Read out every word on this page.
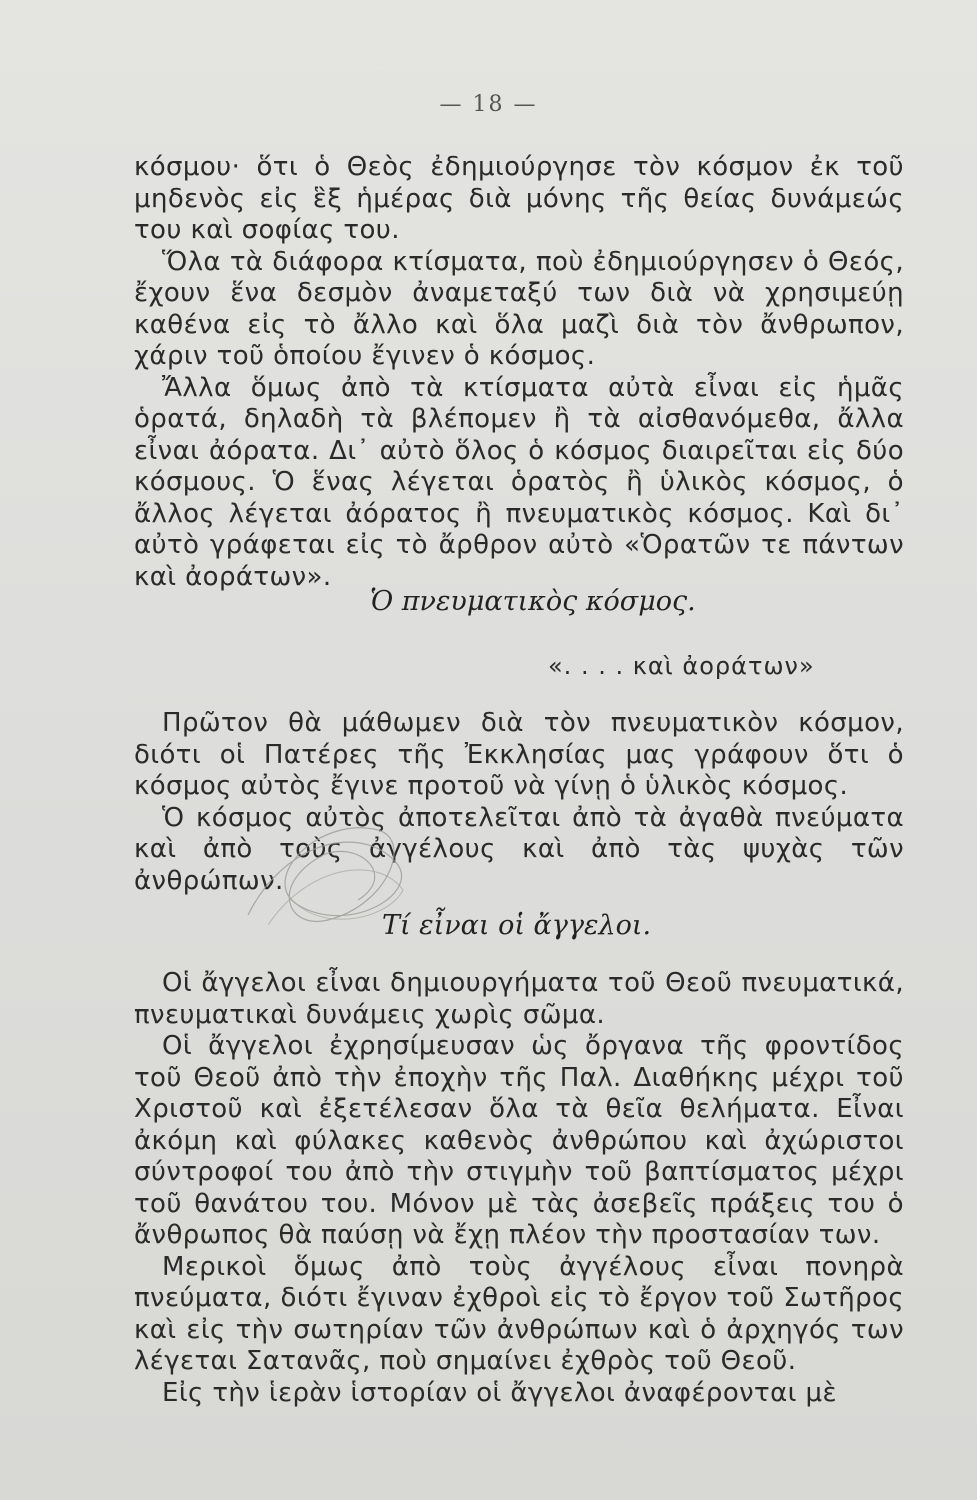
— 18 —

κόσμου· ὅτι ὁ Θεὸς ἐδημιούργησε τὸν κόσμον ἐκ τοῦ μηδενὸς εἰς ἓξ ἡμέρας διὰ μόνης τῆς θείας δυνάμεώς του καὶ σοφίας του.

Ὅλα τὰ διάφορα κτίσματα, ποὺ ἐδημιούργησεν ὁ Θεός, ἔχουν ἕνα δεσμὸν ἀναμεταξύ των διὰ νὰ χρησιμεύῃ καθένα εἰς τὸ ἄλλο καὶ ὅλα μαζὶ διὰ τὸν ἄνθρωπον, χάριν τοῦ ὁποίου ἔγινεν ὁ κόσμος.

Ἄλλα ὅμως ἀπὸ τὰ κτίσματα αὐτὰ εἶναι εἰς ἡμᾶς ὁρατά, δηλαδὴ τὰ βλέπομεν ἢ τὰ αἰσθανόμεθα, ἄλλα εἶναι ἀόρατα. Δι᾽ αὐτὸ ὅλος ὁ κόσμος διαιρεῖται εἰς δύο κόσμους. Ὁ ἕνας λέγεται ὁρατὸς ἢ ὑλικὸς κόσμος, ὁ ἄλλος λέγεται ἀόρατος ἢ πνευματικὸς κόσμος. Καὶ δι᾽ αὐτὸ γράφεται εἰς τὸ ἄρθρον αὐτὸ «Ὁρατῶν τε πάντων καὶ ἀοράτων».

Ὁ πνευματικὸς κόσμος.
«. . . . καὶ ἀοράτων»

Πρῶτον θὰ μάθωμεν διὰ τὸν πνευματικὸν κόσμον, διότι οἱ Πατέρες τῆς Ἐκκλησίας μας γράφουν ὅτι ὁ κόσμος αὐτὸς ἔγινε προτοῦ νὰ γίνῃ ὁ ὑλικὸς κόσμος.

Ὁ κόσμος αὐτὸς ἀποτελεῖται ἀπὸ τὰ ἀγαθὰ πνεύματα καὶ ἀπὸ τοὺς ἀγγέλους καὶ ἀπὸ τὰς ψυχὰς τῶν ἀνθρώπων.

Τί εἶναι οἱ ἄγγελοι.

Οἱ ἄγγελοι εἶναι δημιουργήματα τοῦ Θεοῦ πνευματικά, πνευματικαὶ δυνάμεις χωρὶς σῶμα.

Οἱ ἄγγελοι ἐχρησίμευσαν ὡς ὄργανα τῆς φροντίδος τοῦ Θεοῦ ἀπὸ τὴν ἐποχὴν τῆς Παλ. Διαθήκης μέχρι τοῦ Χριστοῦ καὶ ἐξετέλεσαν ὅλα τὰ θεῖα θελήματα. Εἶναι ἀκόμη καὶ φύλακες καθενὸς ἀνθρώπου καὶ ἀχώριστοι σύντροφοί του ἀπὸ τὴν στιγμὴν τοῦ βαπτίσματος μέχρι τοῦ θανάτου του. Μόνον μὲ τὰς ἀσεβεῖς πράξεις του ὁ ἄνθρωπος θὰ παύσῃ νὰ ἔχῃ πλέον τὴν προστασίαν των.

Μερικοὶ ὅμως ἀπὸ τοὺς ἀγγέλους εἶναι πονηρὰ πνεύματα, διότι ἔγιναν ἐχθροὶ εἰς τὸ ἔργον τοῦ Σωτῆρος καὶ εἰς τὴν σωτηρίαν τῶν ἀνθρώπων καὶ ὁ ἀρχηγός των λέγεται Σατανᾶς, ποὺ σημαίνει ἐχθρὸς τοῦ Θεοῦ.

Εἰς τὴν ἱερὰν ἱστορίαν οἱ ἄγγελοι ἀναφέρονται μὲ
